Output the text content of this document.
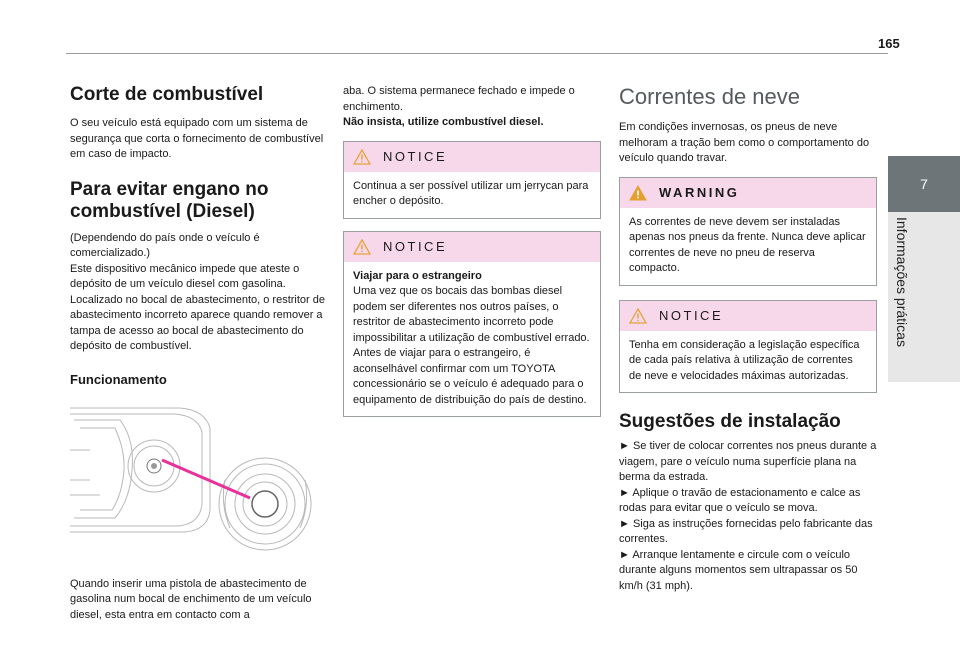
165
7
Informações práticas
Corte de combustível

O seu veículo está equipado com um sistema de segurança que corta o fornecimento de combustível em caso de impacto.

Para evitar engano no
combustível (Diesel)

(Dependendo do país onde o veículo é comercializado.)

Este dispositivo mecânico impede que ateste o depósito de um veículo diesel com gasolina.

Localizado no bocal de abastecimento, o restritor de abastecimento incorreto aparece quando remover a tampa de acesso ao bocal de abastecimento do depósito de combustível.

Funcionamento

Quando inserir uma pistola de abastecimento de gasolina num bocal de enchimento de um veículo diesel, esta entra em contacto com a

aba. O sistema permanece fechado e impede o enchimento.

Não insista, utilize combustível diesel.

NOTICE

Continua a ser possível utilizar um jerrycan para encher o depósito.

NOTICE

Viajar para o estrangeiro

Uma vez que os bocais das bombas diesel podem ser diferentes nos outros países, o restritor de abastecimento incorreto pode impossibilitar a utilização de combustível errado.

Antes de viajar para o estrangeiro, é aconselhável confirmar com um TOYOTA concessionário se o veículo é adequado para o equipamento de distribuição do país de destino.

Correntes de neve

Em condições invernosas, os pneus de neve melhoram a tração bem como o comportamento do veículo quando travar.

WARNING

As correntes de neve devem ser instaladas apenas nos pneus da frente. Nunca deve aplicar correntes de neve no pneu de reserva compacto.

NOTICE

Tenha em consideração a legislação específica de cada país relativa à utilização de correntes de neve e velocidades máximas autorizadas.

Sugestões de instalação

► Se tiver de colocar correntes nos pneus durante a viagem, pare o veículo numa superfície plana na berma da estrada.

► Aplique o travão de estacionamento e calce as rodas para evitar que o veículo se mova.

► Siga as instruções fornecidas pelo fabricante das correntes.

► Arranque lentamente e circule com o veículo durante alguns momentos sem ultrapassar os 50 km/h (31 mph).
